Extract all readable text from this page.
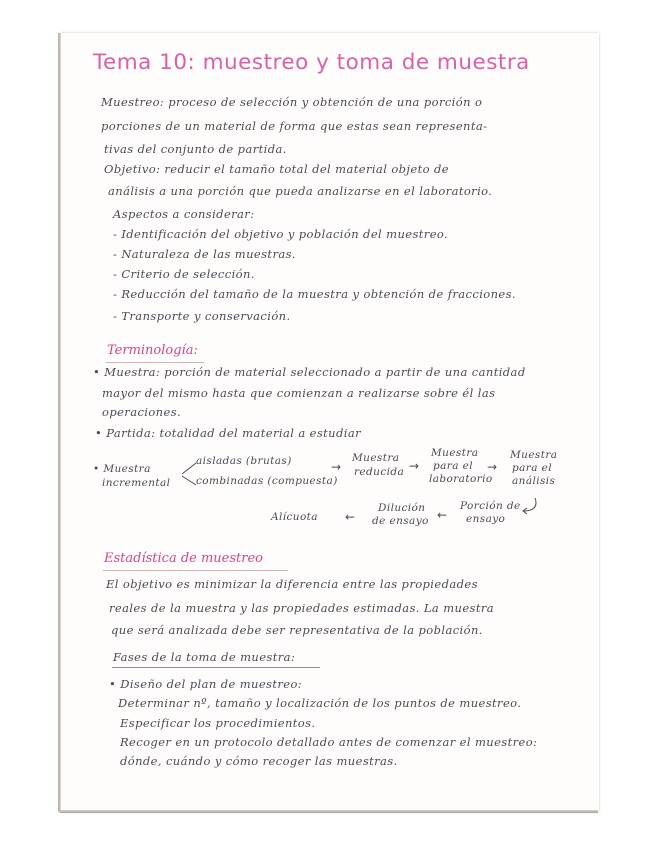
Tema 10: muestreo y toma de muestra
Muestreo: proceso de selección y obtención de una porción o
porciones de un material de forma que estas sean representa-
tivas del conjunto de partida.
Objetivo: reducir el tamaño total del material objeto de
análisis a una porción que pueda analizarse en el laboratorio.
Aspectos a considerar:
- Identificación del objetivo y población del muestreo.
- Naturaleza de las muestras.
- Criterio de selección.
- Reducción del tamaño de la muestra y obtención de fracciones.
- Transporte y conservación.
Terminología:
• Muestra: porción de material seleccionado a partir de una cantidad
mayor del mismo hasta que comienzan a realizarse sobre él las
operaciones.
• Partida: totalidad del material a estudiar
• Muestra
incremental
aisladas (brutas)
combinadas (compuesta)
→
Muestra
reducida →
Muestra
para el
laboratorio
→
Muestra
para el
análisis
Porción de
ensayo
←
Dilución
de ensayo
←
Alícuota
Estadística de muestreo
El objetivo es minimizar la diferencia entre las propiedades
reales de la muestra y las propiedades estimadas. La muestra
que será analizada debe ser representativa de la población.
Fases de la toma de muestra:
• Diseño del plan de muestreo:
Determinar nº, tamaño y localización de los puntos de muestreo.
Especificar los procedimientos.
Recoger en un protocolo detallado antes de comenzar el muestreo:
dónde, cuándo y cómo recoger las muestras.
